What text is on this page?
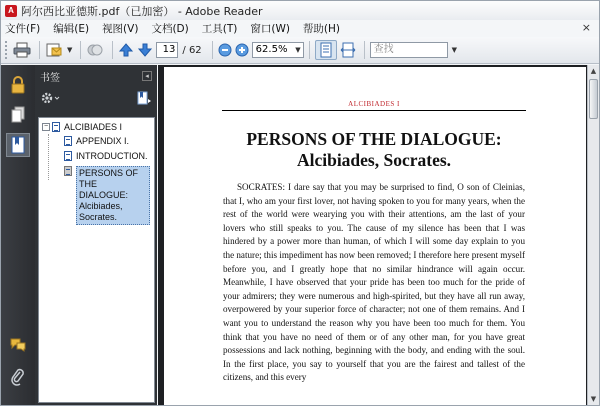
A 阿尔西比亚德斯.pdf（已加密） - Adobe Reader
文件(F) 编辑(E) 视图(V) 文档(D) 工具(T) 窗口(W) 帮助(H)	×
▼	13 / 62	62.5% ▼	查找	▼
书签	◂
− ALCIBIADES I
APPENDIX I.
INTRODUCTION.
PERSONS OF THE DIALOGUE: Alcibiades, Socrates.
ALCIBIADES I
PERSONS OF THE DIALOGUE:
Alcibiades, Socrates.
SOCRATES: I dare say that you may be surprised to find, O son of Cleinias, that I, who am your first lover, not having spoken to you for many years, when the rest of the world were wearying you with their attentions, am the last of your lovers who still speaks to you. The cause of my silence has been that I was hindered by a power more than human, of which I will some day explain to you the nature; this impediment has now been removed; I therefore here present myself before you, and I greatly hope that no similar hindrance will again occur. Meanwhile, I have observed that your pride has been too much for the pride of your admirers; they were numerous and high-spirited, but they have all run away, overpowered by your superior force of character; not one of them remains. And I want you to understand the reason why you have been too much for them. You think that you have no need of them or of any other man, for you have great possessions and lack nothing, beginning with the body, and ending with the soul. In the first place, you say to yourself that you are the fairest and tallest of the citizens, and this every
▲
▼
